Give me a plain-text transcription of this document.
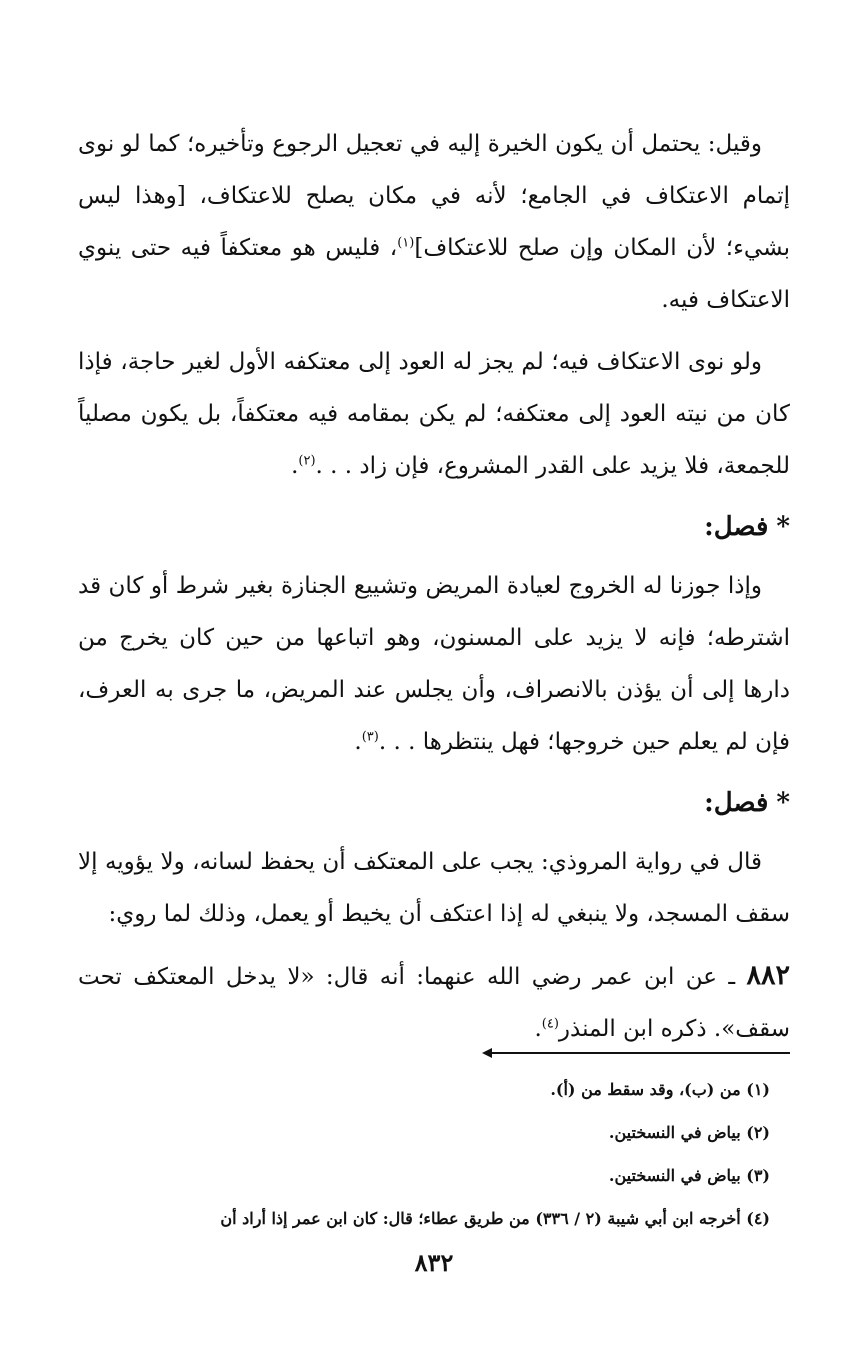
وقيل: يحتمل أن يكون الخيرة إليه في تعجيل الرجوع وتأخيره؛ كما لو نوى إتمام الاعتكاف في الجامع؛ لأنه في مكان يصلح للاعتكاف، [وهذا ليس بشيء؛ لأن المكان وإن صلح للاعتكاف]$^{(١)}$، فليس هو معتكفاً فيه حتى ينوي الاعتكاف فيه.

ولو نوى الاعتكاف فيه؛ لم يجز له العود إلى معتكفه الأول لغير حاجة، فإذا كان من نيته العود إلى معتكفه؛ لم يكن بمقامه فيه معتكفاً، بل يكون مصلياً للجمعة، فلا يزيد على القدر المشروع، فإن زاد . . .$^{(٢)}$.

*فصل:

وإذا جوزنا له الخروج لعيادة المريض وتشييع الجنازة بغير شرط أو كان قد اشترطه؛ فإنه لا يزيد على المسنون، وهو اتباعها من حين كان يخرج من دارها إلى أن يؤذن بالانصراف، وأن يجلس عند المريض، ما جرى به العرف، فإن لم يعلم حين خروجها؛ فهل ينتظرها . . .$^{(٣)}$.

*فصل:

قال في رواية المروذي: يجب على المعتكف أن يحفظ لسانه، ولا يؤويه إلا سقف المسجد، ولا ينبغي له إذا اعتكف أن يخيط أو يعمل، وذلك لما روي:

٨٨٢ ـ عن ابن عمر رضي الله عنهما: أنه قال: «لا يدخل المعتكف تحت سقف». ذكره ابن المنذر$^{(٤)}$.

(١) من (ب)، وقد سقط من (أ).

(٢) بياض في النسختين.

(٣) بياض في النسختين.

(٤) أخرجه ابن أبي شيبة (٢ / ٣٣٦) من طريق عطاء؛ قال: كان ابن عمر إذا أراد أن

٨٣٢
